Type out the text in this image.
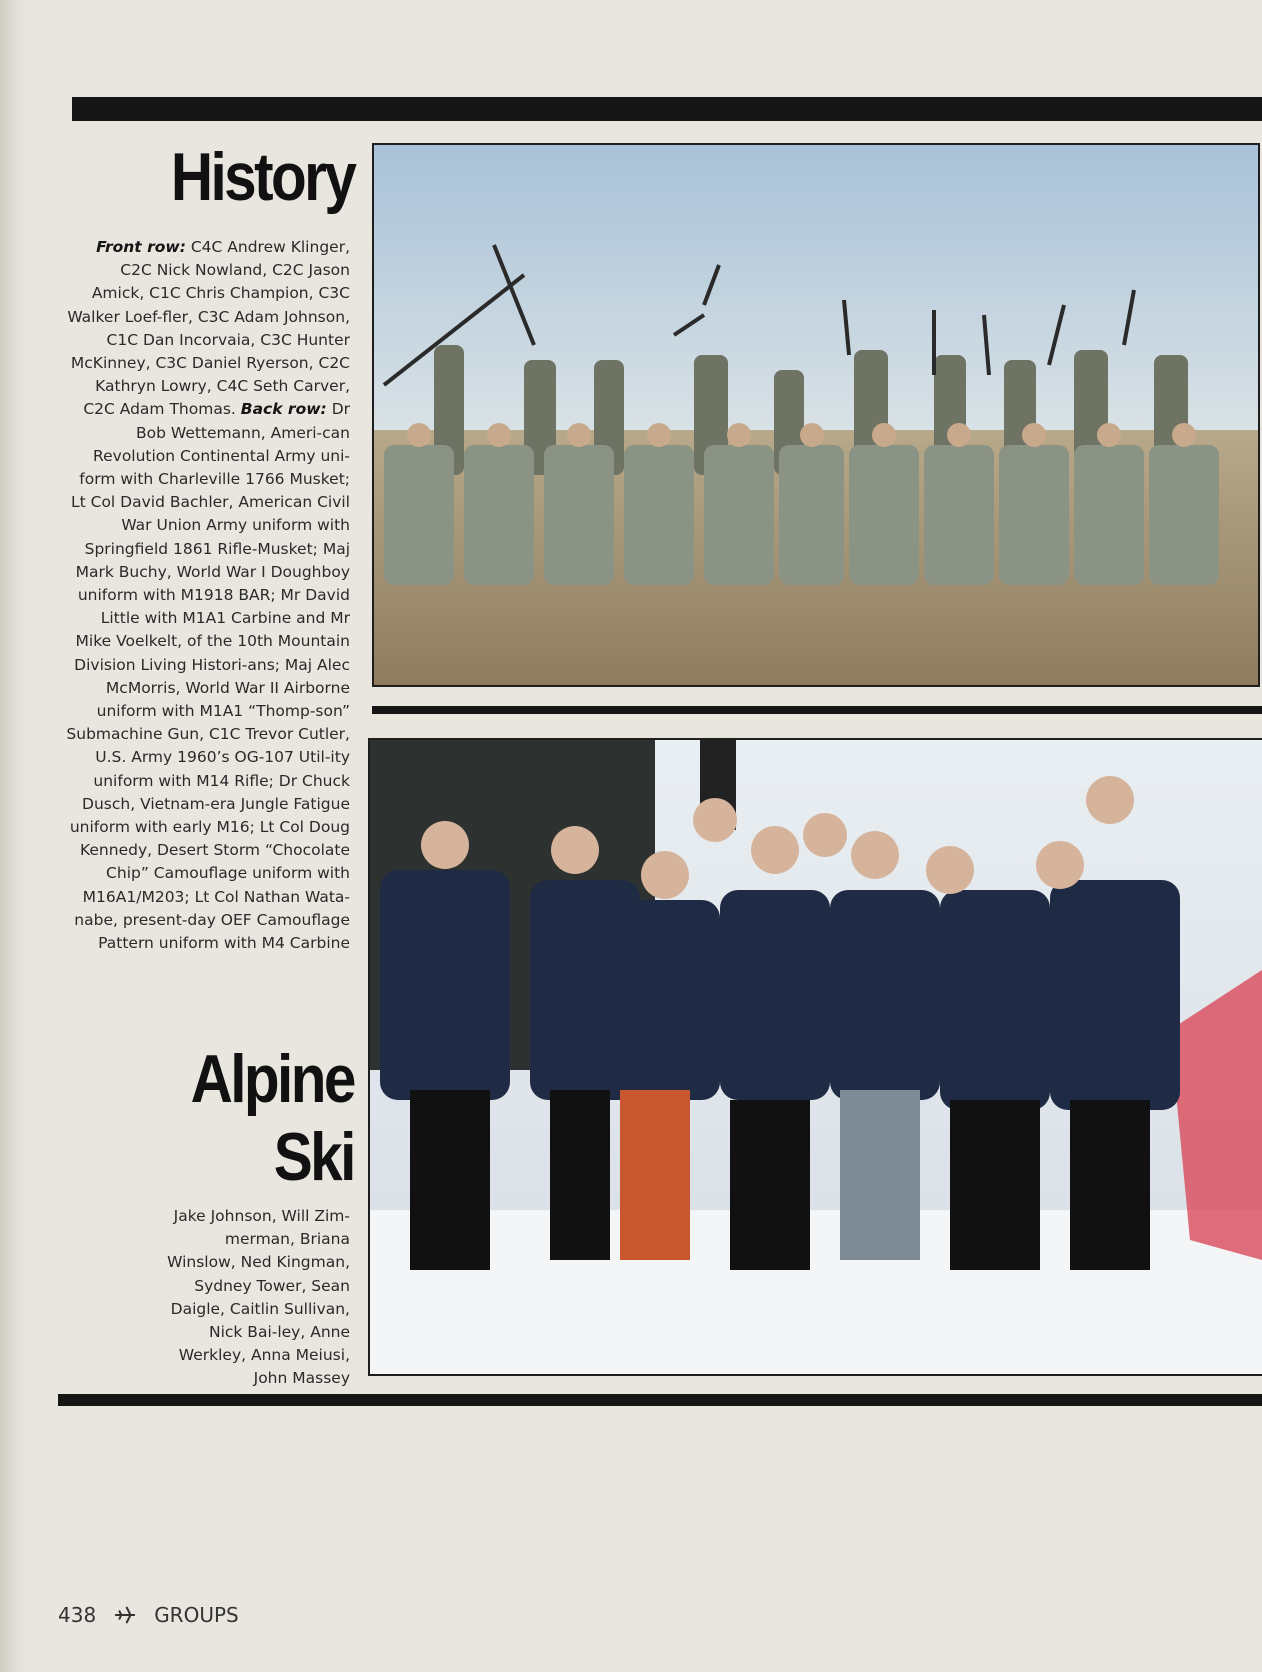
History
Front row: C4C Andrew Klinger, C2C Nick Nowland, C2C Jason Amick, C1C Chris Champion, C3C Walker Loef-fler, C3C Adam Johnson, C1C Dan Incorvaia, C3C Hunter McKinney, C3C Daniel Ryerson, C2C Kathryn Lowry, C4C Seth Carver, C2C Adam Thomas. Back row: Dr Bob Wettemann, Ameri-can Revolution Continental Army uni-form with Charleville 1766 Musket; Lt Col David Bachler, American Civil War Union Army uniform with Springfield 1861 Rifle-Musket; Maj Mark Buchy, World War I Doughboy uniform with M1918 BAR; Mr David Little with M1A1 Carbine and Mr Mike Voelkelt, of the 10th Mountain Division Living Histori-ans; Maj Alec McMorris, World War II Airborne uniform with M1A1 “Thomp-son” Submachine Gun, C1C Trevor Cutler, U.S. Army 1960’s OG-107 Util-ity uniform with M14 Rifle; Dr Chuck Dusch, Vietnam-era Jungle Fatigue uniform with early M16; Lt Col Doug Kennedy, Desert Storm “Chocolate Chip” Camouflage uniform with M16A1/M203; Lt Col Nathan Wata-nabe, present-day OEF Camouflage Pattern uniform with M4 Carbine
Alpine
Ski
Jake Johnson, Will Zim-merman, Briana Winslow, Ned Kingman, Sydney Tower, Sean Daigle, Caitlin Sullivan, Nick Bai-ley, Anne Werkley, Anna Meiusi, John Massey
438	GROUPS
